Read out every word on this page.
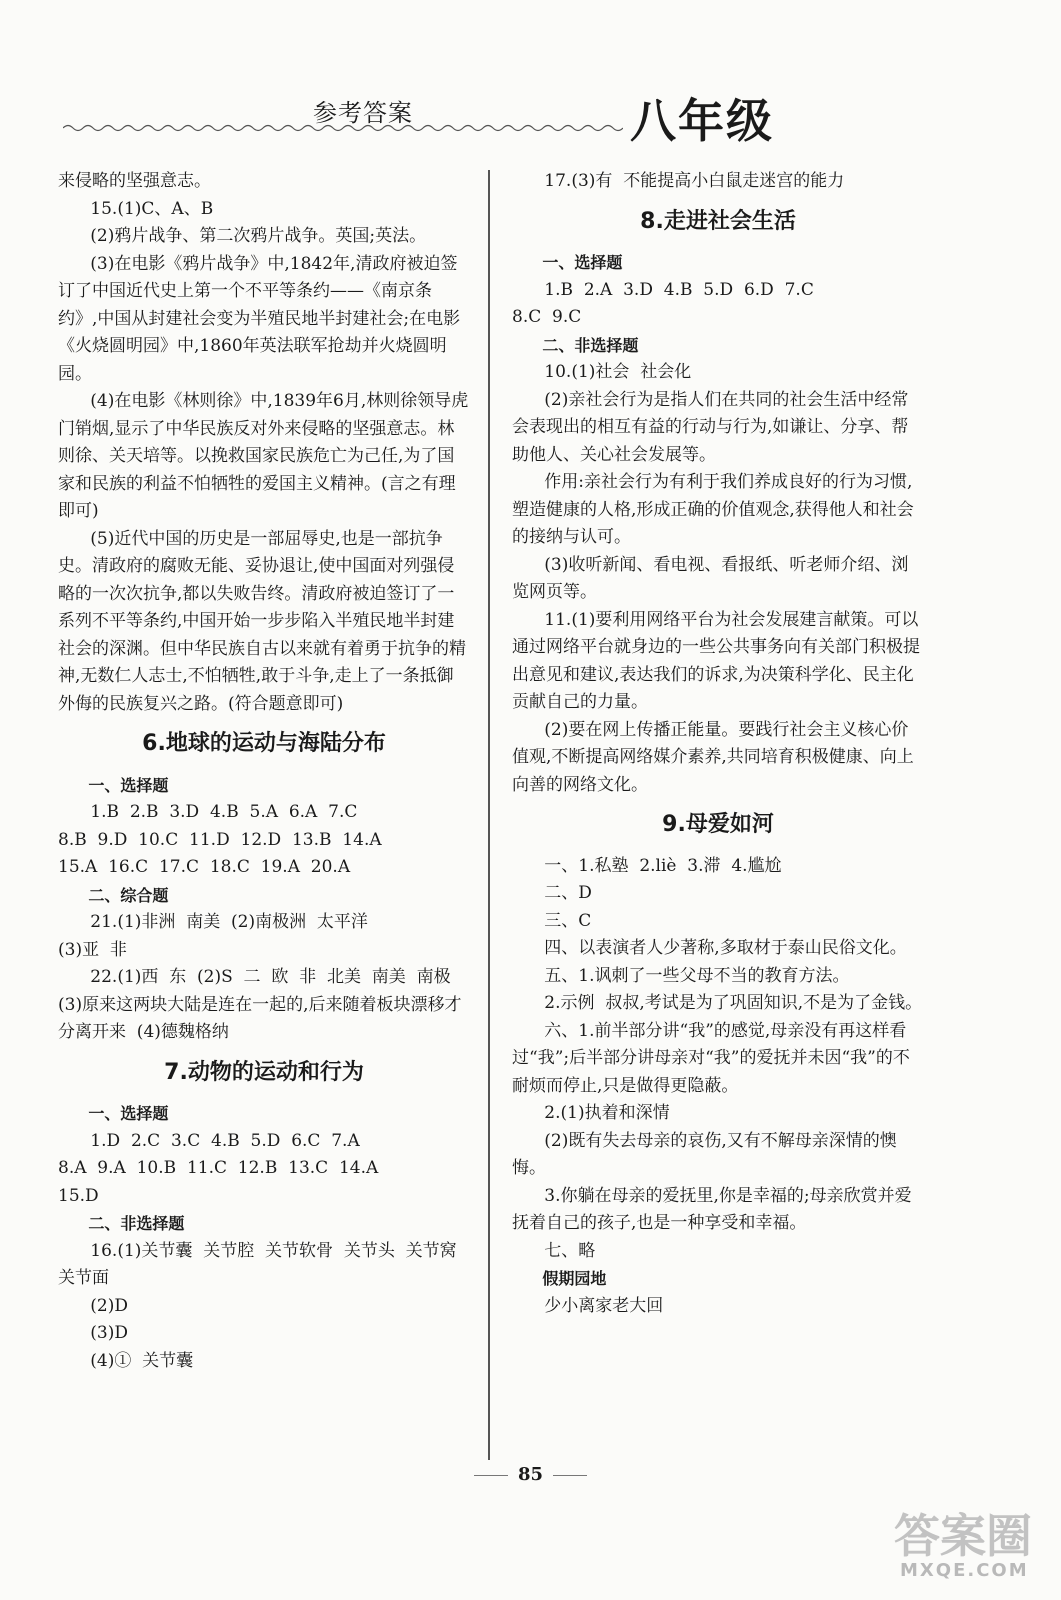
参考答案	八年级

来侵略的坚强意志。

15.(1)C、A、B

(2)鸦片战争、第二次鸦片战争。英国;英法。

(3)在电影《鸦片战争》中,1842年,清政府被迫签订了中国近代史上第一个不平等条约——《南京条约》,中国从封建社会变为半殖民地半封建社会;在电影《火烧圆明园》中,1860年英法联军抢劫并火烧圆明园。

(4)在电影《林则徐》中,1839年6月,林则徐领导虎门销烟,显示了中华民族反对外来侵略的坚强意志。林则徐、关天培等。以挽救国家民族危亡为己任,为了国家和民族的利益不怕牺牲的爱国主义精神。(言之有理即可)

(5)近代中国的历史是一部屈辱史,也是一部抗争史。清政府的腐败无能、妥协退让,使中国面对列强侵略的一次次抗争,都以失败告终。清政府被迫签订了一系列不平等条约,中国开始一步步陷入半殖民地半封建社会的深渊。但中华民族自古以来就有着勇于抗争的精神,无数仁人志士,不怕牺牲,敢于斗争,走上了一条抵御外侮的民族复兴之路。(符合题意即可)

6.地球的运动与海陆分布

一、选择题

1.B  2.B  3.D  4.B  5.A  6.A  7.C

8.B  9.D  10.C  11.D  12.D  13.B  14.A

15.A  16.C  17.C  18.C  19.A  20.A

二、综合题

21.(1)非洲  南美  (2)南极洲  太平洋

(3)亚  非

22.(1)西  东  (2)S  二  欧  非  北美  南美  南极  (3)原来这两块大陆是连在一起的,后来随着板块漂移才分离开来  (4)德魏格纳

7.动物的运动和行为

一、选择题

1.D  2.C  3.C  4.B  5.D  6.C  7.A

8.A  9.A  10.B  11.C  12.B  13.C  14.A

15.D

二、非选择题

16.(1)关节囊  关节腔  关节软骨  关节头  关节窝  关节面

(2)D

(3)D

(4)①  关节囊

17.(3)有  不能提高小白鼠走迷宫的能力

8.走进社会生活

一、选择题

1.B  2.A  3.D  4.B  5.D  6.D  7.C

8.C  9.C

二、非选择题

10.(1)社会  社会化

(2)亲社会行为是指人们在共同的社会生活中经常会表现出的相互有益的行动与行为,如谦让、分享、帮助他人、关心社会发展等。

作用:亲社会行为有利于我们养成良好的行为习惯,塑造健康的人格,形成正确的价值观念,获得他人和社会的接纳与认可。

(3)收听新闻、看电视、看报纸、听老师介绍、浏览网页等。

11.(1)要利用网络平台为社会发展建言献策。可以通过网络平台就身边的一些公共事务向有关部门积极提出意见和建议,表达我们的诉求,为决策科学化、民主化贡献自己的力量。

(2)要在网上传播正能量。要践行社会主义核心价值观,不断提高网络媒介素养,共同培育积极健康、向上向善的网络文化。

9.母爱如河

一、1.私塾  2.liè  3.滞  4.尴尬

二、D

三、C

四、以表演者人少著称,多取材于泰山民俗文化。

五、1.讽刺了一些父母不当的教育方法。

2.示例  叔叔,考试是为了巩固知识,不是为了金钱。

六、1.前半部分讲“我”的感觉,母亲没有再这样看过“我”;后半部分讲母亲对“我”的爱抚并未因“我”的不耐烦而停止,只是做得更隐蔽。

2.(1)执着和深情

(2)既有失去母亲的哀伤,又有不解母亲深情的懊悔。

3.你躺在母亲的爱抚里,你是幸福的;母亲欣赏并爱抚着自己的孩子,也是一种享受和幸福。

七、略

假期园地

少小离家老大回

85
答案圈
MXQE.COM
